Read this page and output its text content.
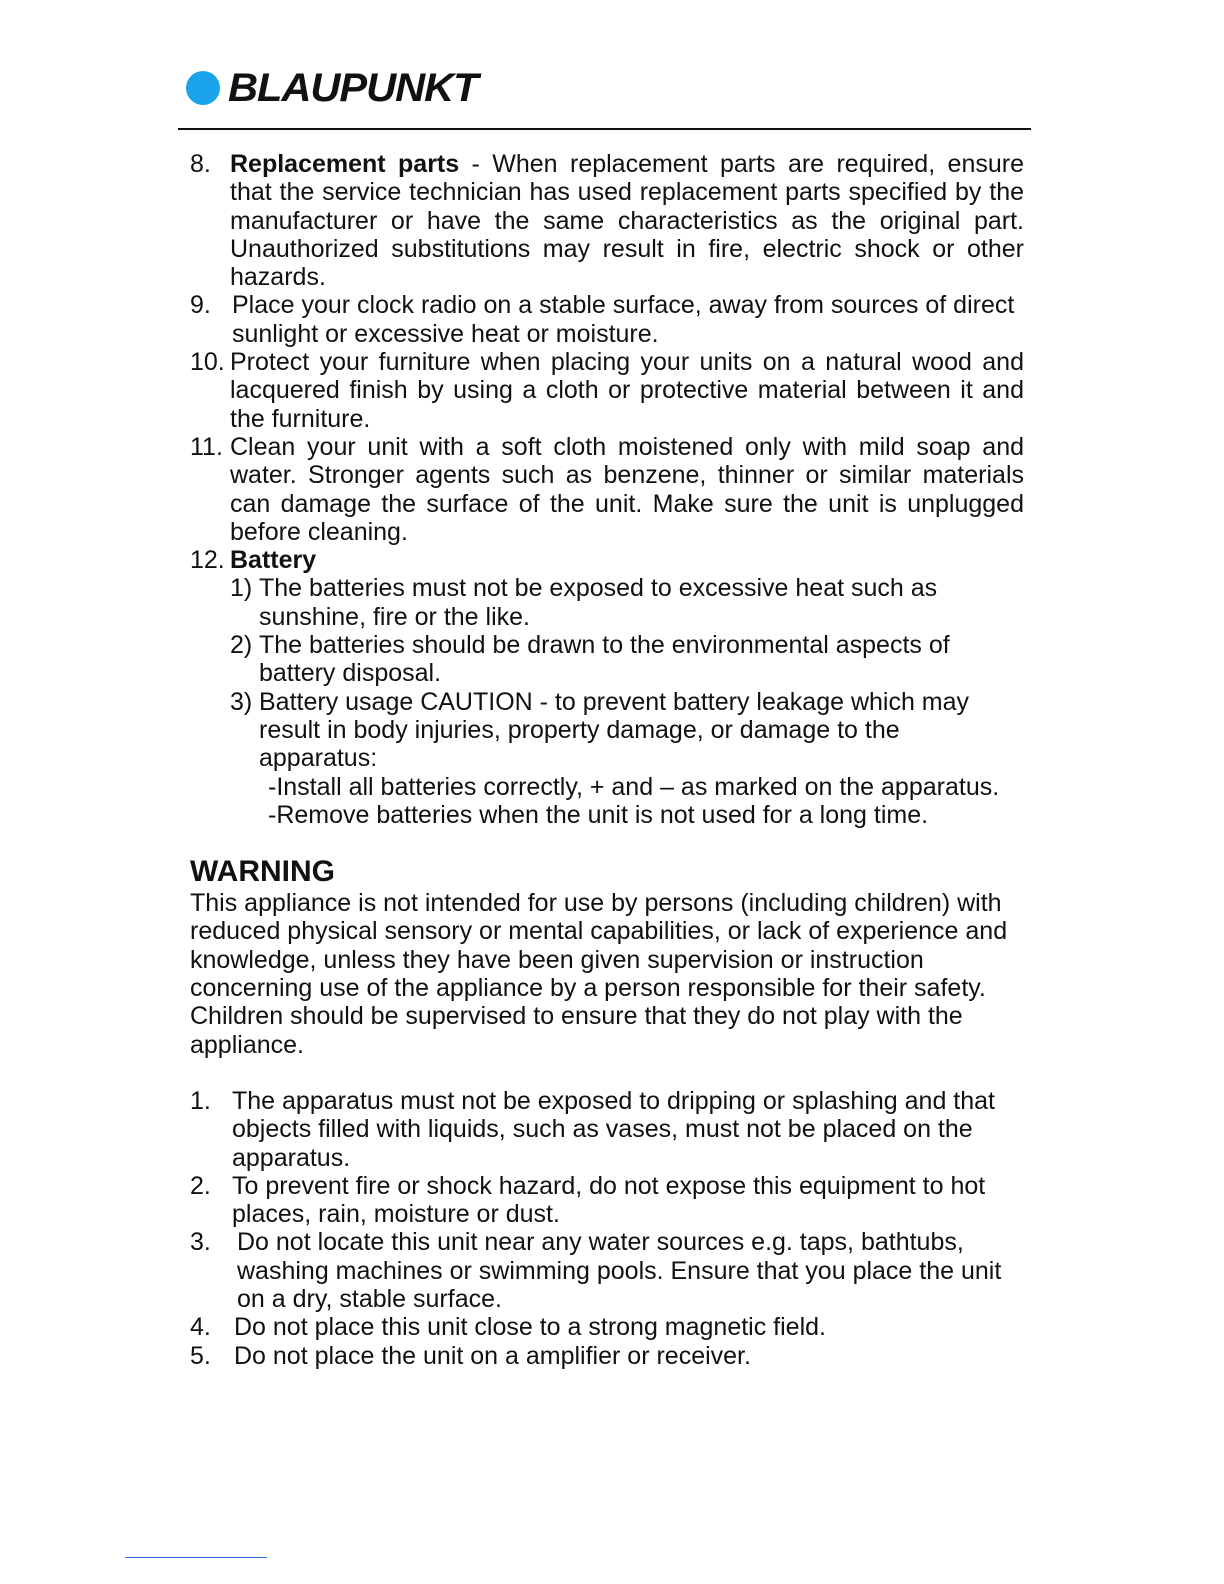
BLAUPUNKT
8. Replacement parts - When replacement parts are required, ensure that the service technician has used replacement parts specified by the manufacturer or have the same characteristics as the original part. Unauthorized substitutions may result in fire, electric shock or other hazards.
9. Place your clock radio on a stable surface, away from sources of direct sunlight or excessive heat or moisture.
10. Protect your furniture when placing your units on a natural wood and lacquered finish by using a cloth or protective material between it and the furniture.
11. Clean your unit with a soft cloth moistened only with mild soap and water. Stronger agents such as benzene, thinner or similar materials can damage the surface of the unit. Make sure the unit is unplugged before cleaning.
12. Battery
1) The batteries must not be exposed to excessive heat such as sunshine, fire or the like.
2) The batteries should be drawn to the environmental aspects of battery disposal.
3) Battery usage CAUTION - to prevent battery leakage which may result in body injuries, property damage, or damage to the apparatus:
-Install all batteries correctly, + and – as marked on the apparatus.
-Remove batteries when the unit is not used for a long time.
WARNING
This appliance is not intended for use by persons (including children) with reduced physical sensory or mental capabilities, or lack of experience and knowledge, unless they have been given supervision or instruction concerning use of the appliance by a person responsible for their safety.
Children should be supervised to ensure that they do not play with the appliance.
1. The apparatus must not be exposed to dripping or splashing and that objects filled with liquids, such as vases, must not be placed on the apparatus.
2. To prevent fire or shock hazard, do not expose this equipment to hot places, rain, moisture or dust.
3. Do not locate this unit near any water sources e.g. taps, bathtubs, washing machines or swimming pools. Ensure that you place the unit on a dry, stable surface.
4. Do not place this unit close to a strong magnetic field.
5. Do not place the unit on a amplifier or receiver.
